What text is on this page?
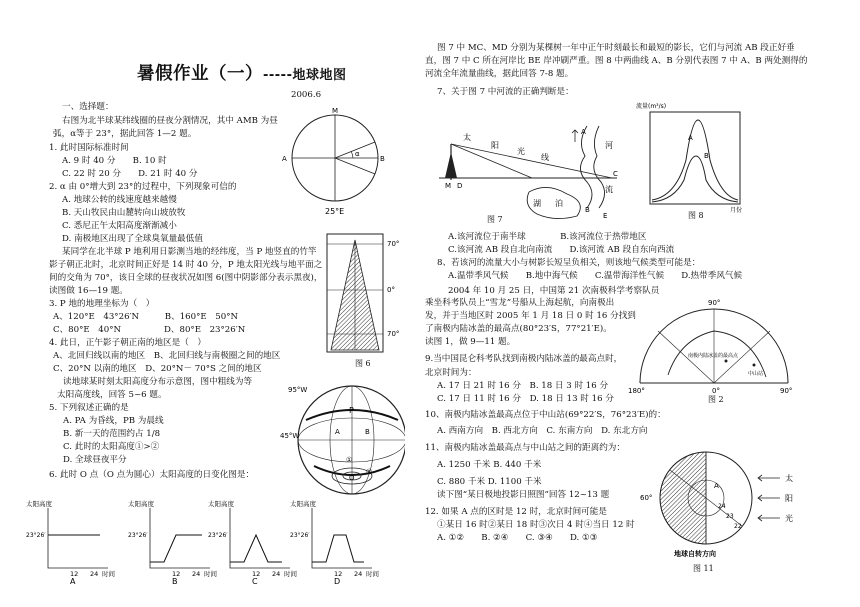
暑假作业（一）-----地球地图
2006.6
一、选择题：
右图为北半球某纬线圈的昼夜分割情况，其中 AMB 为昼
弧，α等于 23°，据此回答 1—2 题。
1. 此时国际标准时间
A. 9 时 40 分　　B. 10 时
C. 22 时 20 分　　D. 21 时 40 分
2. α 由 0°增大到 23°的过程中，下列现象可信的
A. 地球公转的线速度越来越慢
B. 天山牧民由山麓转向山坡放牧
C. 悉尼正午太阳高度渐渐减小
D. 南极地区出现了全球臭氧量最低值
某同学在北半球 P 地利用日影测当地的经纬度，当 P 地竖直的竹竿
影子朝正北时，北京时间正好是 14 时 40 分，P 地太阳光线与地平面之
间的交角为 70°，该日全球的昼夜状况如图 6(图中阴影部分表示黑夜)，
读图做 16—19 题。
3. P 地的地理坐标为（　）
A、120°E　43°26′N　　　B、160°E　50°N
C、80°E　40°N　　　　　D、80°E　23°26′N
4. 此日，正午影子朝正南的地区是（　）
A、北回归线以南的地区　B、北回归线与南极圈之间的地区
C、20°N 以南的地区　D、20°N－ 70°S 之间的地区
读地球某时刻太阳高度分布示意图，图中粗线为等
太阳高度线，回答 5~6 题。
5. 下列叙述正确的是
A. PA 为昏线，PB 为晨线
B. 新一天的范围约占 1/8
C. 此时的太阳高度①>②
D. 全球昼夜平分
6. 此时 O 点（O 点为圆心）太阳高度的日变化图是：
M
A	B
α
25°E
70°
0°
70°
图 6
95°W
45°W
P
A	B
①
②
O
太阳高度
23°26′
12 24 时间
A
太阳高度
23°26′
12 24 时间
B
太阳高度
23°26′
12 24 时间
C
太阳高度
23°26′
12 24 时间
D
图 7 中 MC、MD 分别为某棵树一年中正午时刻最长和最短的影长，它们与河流 AB 段正好垂
直，图 7 中 C 所在河岸比 BE 岸冲刷严重。图 8 中两曲线 A、B 分别代表图 7 中 A、B 两处测得的
河流全年流量曲线，据此回答 7-8 题。
7、关于图 7 中河流的正确判断是：
A.该河流位于南半球　　　　B.该河流位于热带地区
C.该河流 AB 段自北向南流　　D.该河流 AB 段自东向西流
8、若该河的流量大小与树影长短呈负相关，则该地气候类型可能是：
A.温带季风气候　　B.地中海气候　　C.温带海洋性气候　　D.热带季风气候
2004 年 10 月 25 日，中国第 21 次南极科学考察队员
乘坐科考队员上“雪龙”号船从上海起航，向南极出
发，并于当地区时 2005 年 1 月 18 日 0 时 16 分找到
了南极内陆冰盖的最高点(80°23′S，77°21′E)。
读图 1，做 9—11 题。
9.当中国昆仑科考队找到南极内陆冰盖的最高点时，
北京时间为：
A. 17 日 21 时 16 分　B. 18 日 3 时 16 分
C. 17 日 11 时 16 分　D. 18 日 13 时 16 分
10、南极内陆冰盖最高点位于中山站(69°22′S，76°23′E)的：
A. 西南方向　B. 西北方向　C. 东南方向　D. 东北方向
11、南极内陆冰盖最高点与中山站之间的距离约为：
A. 1250 千米 B. 440 千米
C. 880 千米 D. 1100 千米
读下图“某日极地投影日照图”回答 12~13 题
12. 如果 A 点的区时是 12 时，北京时间可能是
①某日 16 时②某日 18 时③次日 4 时④当日 12 时
A. ①②　　B. ②④　　C. ③④　　D. ①③
太
阳
光
线
A
B
河
流
C
M D
E
湖 泊
图 7
流量(m³/s)
月份
A
B
图 8
90°
180°	90°
0°
南极内陆冰盖的最高点
中山站
图 2
60°
A
24
23
22
太
阳
光
地球自转方向
图 11
